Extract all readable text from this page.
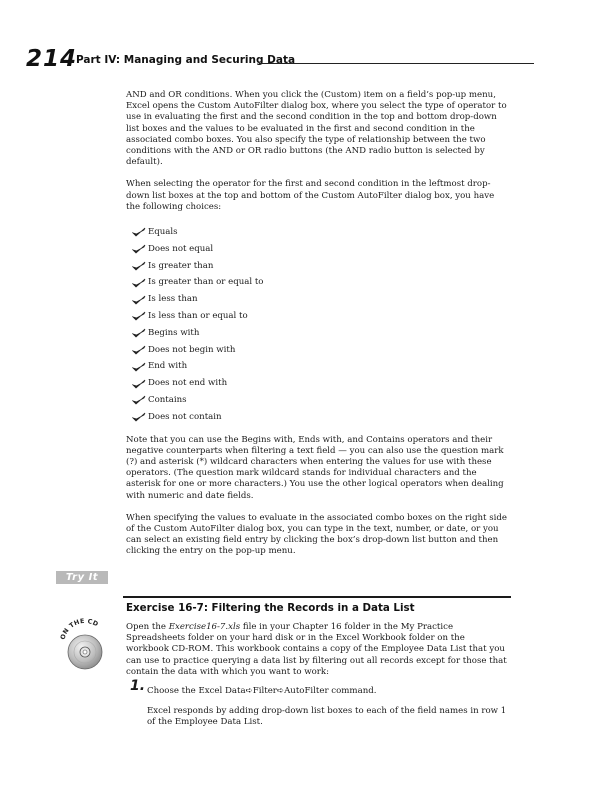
214
Part IV: Managing and Securing Data

AND and OR conditions. When you click the (Custom) item on a field’s pop-up menu, Excel opens the Custom AutoFilter dialog box, where you select the type of operator to use in evaluating the first and the second condition in the top and bottom drop-down list boxes and the values to be evaluated in the first and second condition in the associated combo boxes. You also specify the type of relationship between the two conditions with the AND or OR radio buttons (the AND radio button is selected by default).

When selecting the operator for the first and second condition in the leftmost drop-down list boxes at the top and bottom of the Custom AutoFilter dialog box, you have the following choices:

Equals
Does not equal
Is greater than
Is greater than or equal to
Is less than
Is less than or equal to
Begins with
Does not begin with
End with
Does not end with
Contains
Does not contain

Note that you can use the Begins with, Ends with, and Contains operators and their negative counterparts when filtering a text field — you can also use the question mark (?) and asterisk (*) wildcard characters when entering the values for use with these operators. (The question mark wildcard stands for individual characters and the asterisk for one or more characters.) You use the other logical operators when dealing with numeric and date fields.

When specifying the values to evaluate in the associated combo boxes on the right side of the Custom AutoFilter dialog box, you can type in the text, number, or date, or you can select an existing field entry by clicking the box’s drop-down list button and then clicking the entry on the pop-up menu.

Try It
Exercise 16-7: Filtering the Records in a Data List
ON THE CD	Open the Exercise16-7.xls file in your Chapter 16 folder in the My Practice Spreadsheets folder on your hard disk or in the Excel Workbook folder on the workbook CD-ROM. This workbook contains a copy of the Employee Data List that you can use to practice querying a data list by filtering out all records except for those that contain the data with which you want to work:

1. Choose the Excel Data➪Filter➪AutoFilter command.
Excel responds by adding drop-down list boxes to each of the field names in row 1 of the Employee Data List.
